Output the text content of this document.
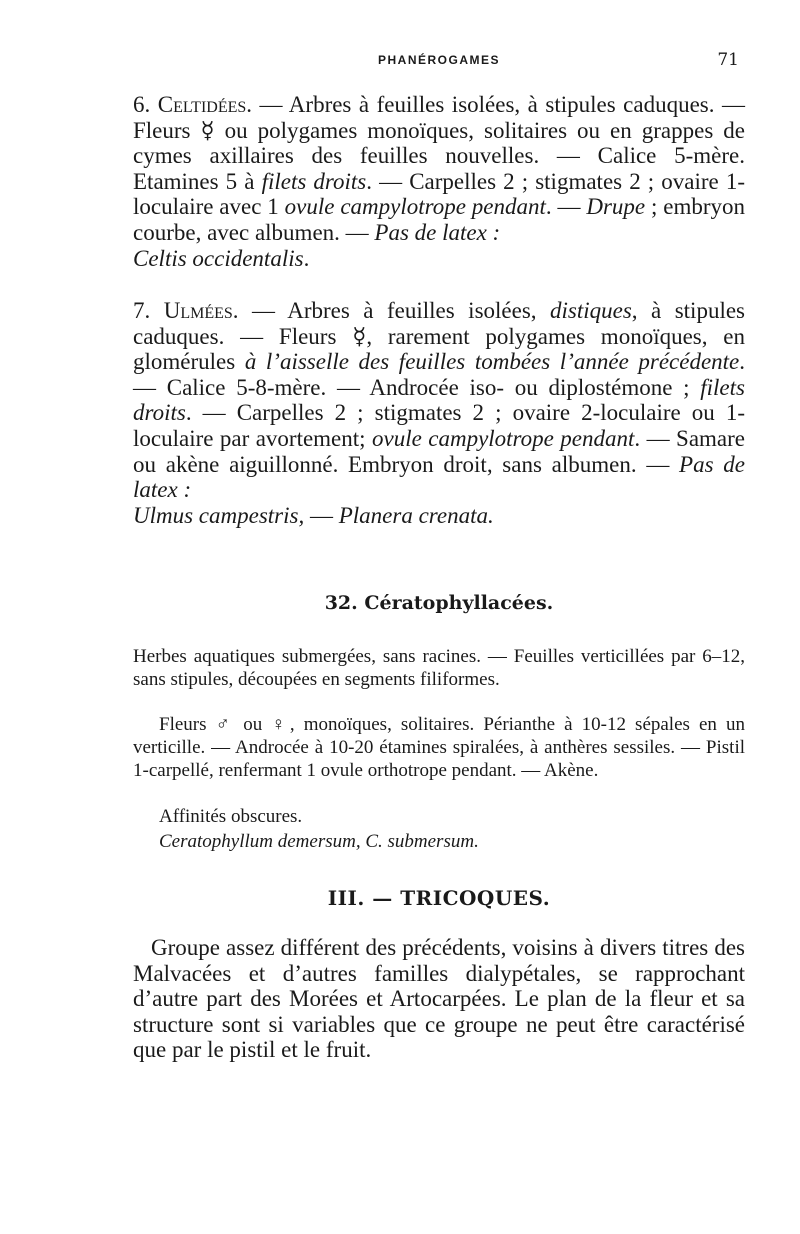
PHANÉROGAMES	71

6. Celtidées. — Arbres à feuilles isolées, à stipules caduques. — Fleurs ☿ ou polygames monoïques, solitaires ou en grappes de cymes axillaires des feuilles nouvelles. — Calice 5-mère. Etamines 5 à filets droits. — Carpelles 2 ; stigmates 2 ; ovaire 1-loculaire avec 1 ovule campylotrope pendant. — Drupe ; embryon courbe, avec albumen. — Pas de latex :
Celtis occidentalis.

7. Ulmées. — Arbres à feuilles isolées, distiques, à stipules caduques. — Fleurs ☿, rarement polygames monoïques, en glomérules à l’aisselle des feuilles tombées l’année précédente. — Calice 5-8-mère. — Androcée iso- ou diplostémone ; filets droits. — Carpelles 2 ; stigmates 2 ; ovaire 2-loculaire ou 1-loculaire par avortement; ovule campylotrope pendant. — Samare ou akène aiguillonné. Embryon droit, sans albumen. — Pas de latex :
Ulmus campestris, — Planera crenata.

32. Cératophyllacées.

Herbes aquatiques submergées, sans racines. — Feuilles verticillées par 6–12, sans stipules, découpées en segments filiformes.

Fleurs ♂ ou ♀, monoïques, solitaires. Périanthe à 10-12 sépales en un verticille. — Androcée à 10-20 étamines spiralées, à anthères sessiles. — Pistil 1-carpellé, renfermant 1 ovule orthotrope pendant. — Akène.

Affinités obscures.

Ceratophyllum demersum, C. submersum.

III. — TRICOQUES.

Groupe assez différent des précédents, voisins à divers titres des Malvacées et d’autres familles dialypétales, se rapprochant d’autre part des Morées et Artocarpées. Le plan de la fleur et sa structure sont si variables que ce groupe ne peut être caractérisé que par le pistil et le fruit.
